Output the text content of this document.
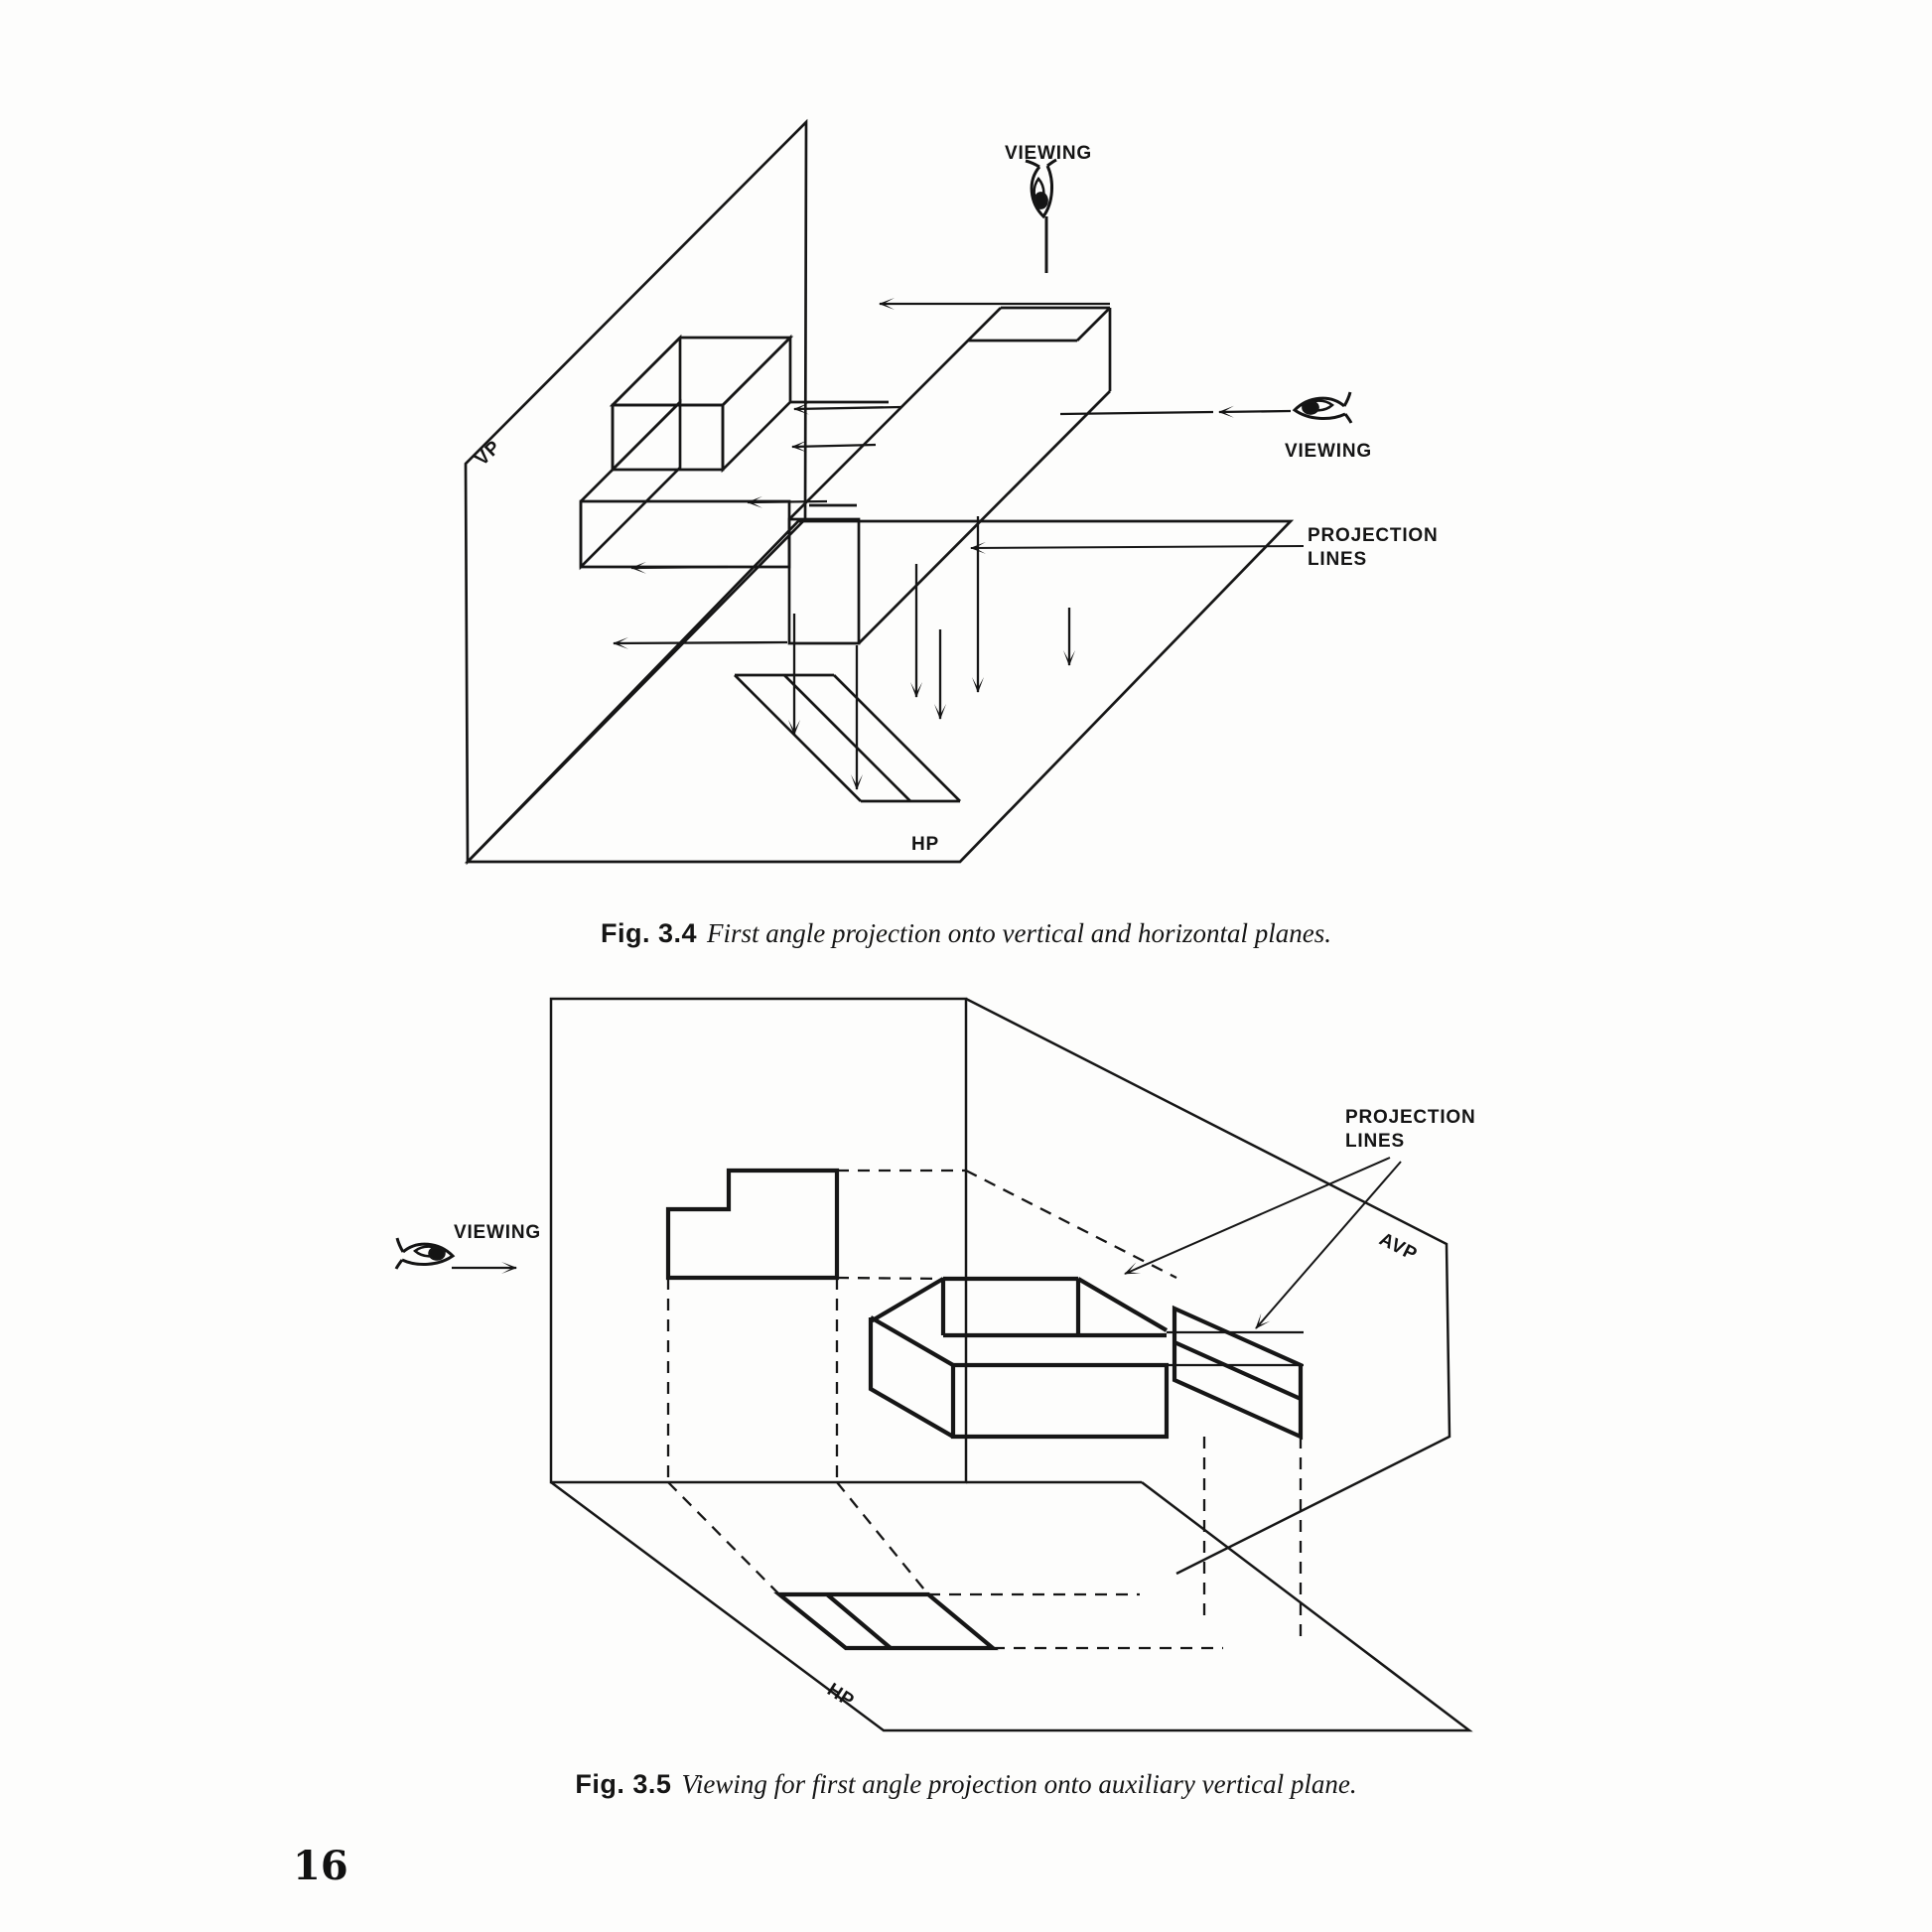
VP
HP
VIEWING
VIEWING
PROJECTION
LINES
VIEWING
PROJECTION
LINES
AVP
HP
Fig. 3.4 First angle projection onto vertical and horizontal planes.
Fig. 3.5 Viewing for first angle projection onto auxiliary vertical plane.
16
